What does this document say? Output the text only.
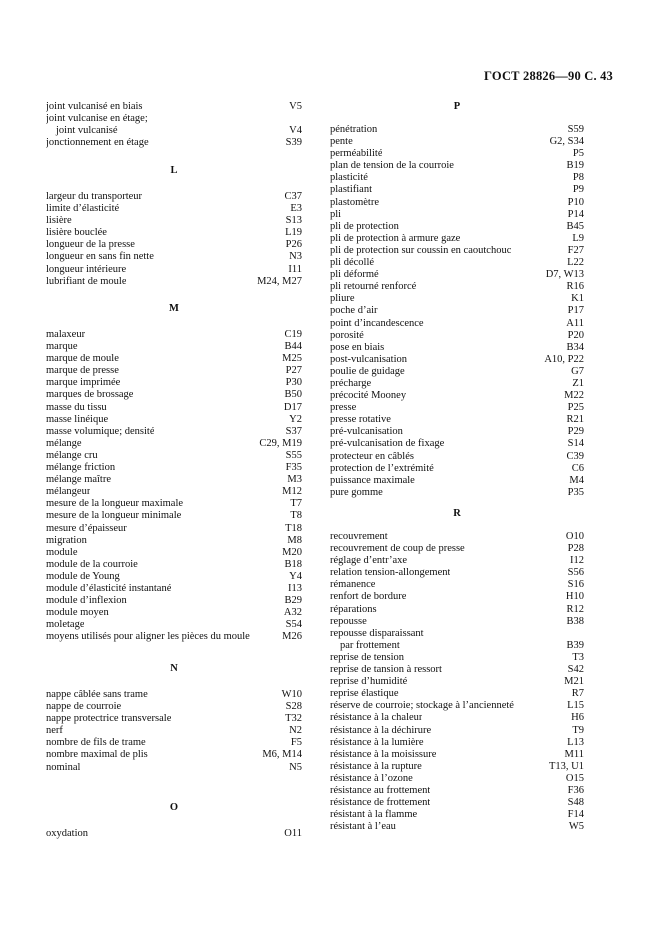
ГОСТ 28826—90 С. 43
joint vulcanisé en biais	V5
joint vulcanise en étage;
joint vulcanisé	V4
jonctionnement en étage	S39
L
largeur du transporteur	C37
limite d’élasticité	E3
lisière	S13
lisière bouclée	L19
longueur de la presse	P26
longueur en sans fin nette	N3
longueur intérieure	I11
lubrifiant de moule	M24, M27
M
malaxeur	C19
marque	B44
marque de moule	M25
marque de presse	P27
marque imprimée	P30
marques de brossage	B50
masse du tissu	D17
masse linéique	Y2
masse volumique; densité	S37
mélange	C29, M19
mélange cru	S55
mélange friction	F35
mélange maître	M3
mélangeur	M12
mesure de la longueur maximale	T7
mesure de la longueur minimale	T8
mesure d’épaisseur	T18
migration	M8
module	M20
module de la courroie	B18
module de Young	Y4
module d’élasticité instantané	I13
module d’inflexion	B29
module moyen	A32
moletage	S54
moyens utilisés pour aligner les pièces du moule	M26
N
nappe câblée sans trame	W10
nappe de courroie	S28
nappe protectrice transversale	T32
nerf	N2
nombre de fils de trame	F5
nombre maximal de plis	M6, M14
nominal	N5
O
oxydation	O11
P
pénétration	S59
pente	G2, S34
perméabilité	P5
plan de tension de la courroie	B19
plasticité	P8
plastifiant	P9
plastomètre	P10
pli	P14
pli de protection	B45
pli de protection à armure gaze	L9
pli de protection sur coussin en caoutchouc	F27
pli décollé	L22
pli déformé	D7, W13
pli retourné renforcé	R16
pliure	K1
poche d’air	P17
point d’incandescence	A11
porosité	P20
pose en biais	B34
post-vulcanisation	A10, P22
poulie de guidage	G7
précharge	Z1
précocité Mooney	M22
presse	P25
presse rotative	R21
pré-vulcanisation	P29
pré-vulcanisation de fixage	S14
protecteur en câblés	C39
protection de l’extrémité	C6
puissance maximale	M4
pure gomme	P35
R
recouvrement	O10
recouvrement de coup de presse	P28
réglage d’entr’axe	I12
relation tension-allongement	S56
rémanence	S16
renfort de bordure	H10
réparations	R12
repousse	B38
repousse disparaissant
par frottement	B39
reprise de tension	T3
reprise de tansion à ressort	S42
reprise d’humidité	M21
reprise élastique	R7
réserve de courroie; stockage à l’ancienneté	L15
résistance à la chaleur	H6
résistance à la déchirure	T9
résistance à la lumière	L13
résistance à la moisissure	M11
résistance à la rupture	T13, U1
résistance à l’ozone	O15
résistance au frottement	F36
résistance de frottement	S48
résistant à la flamme	F14
résistant à l’eau	W5
